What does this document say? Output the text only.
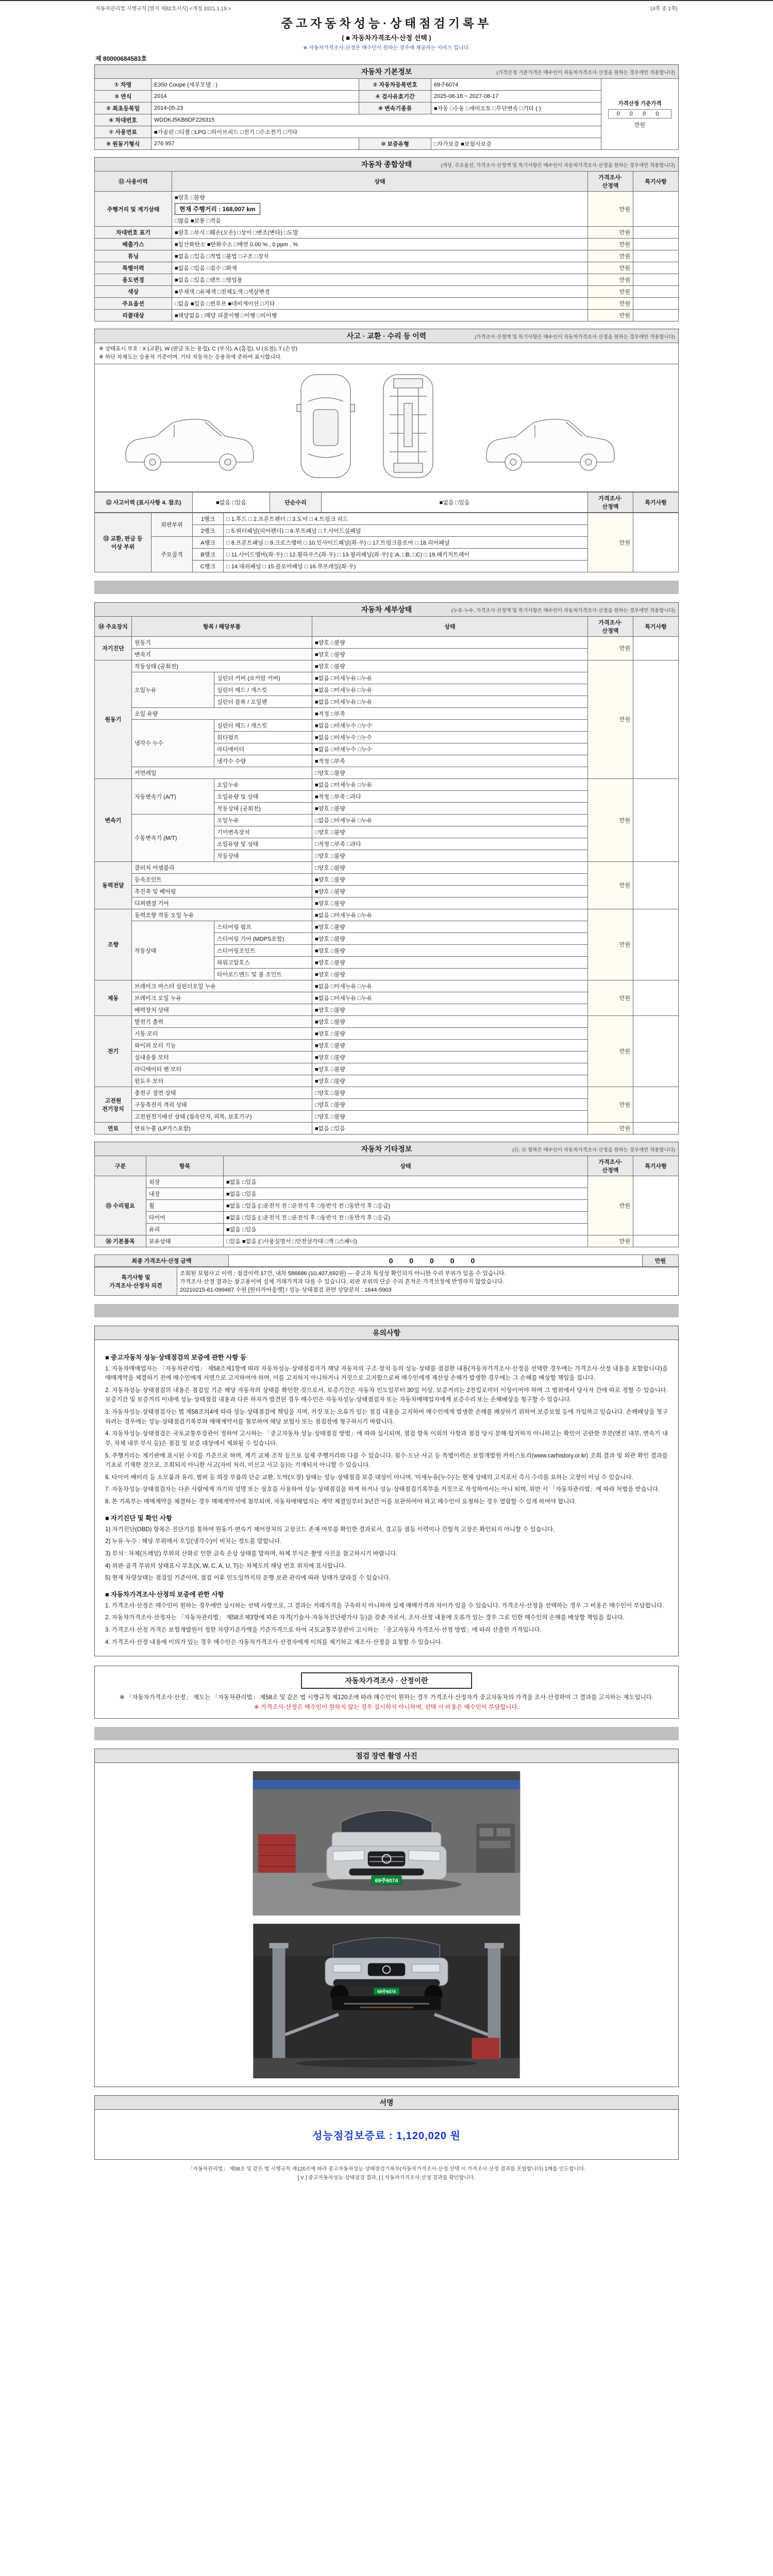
자동차관리법 시행규칙 [별지 제82호서식] <개정 2021.1.19.>	(4쪽 중 1쪽)
중고자동차성능·상태점검기록부
( ■ 자동차가격조사·산정 선택 )
※ 자동차가격조사·산정은 매수인이 원하는 경우에 제공하는 서비스 입니다.
제 80000684583호
자동차 기본정보	(가격산정 기준가격은 매수인이 자동차가격조사·산정을 원하는 경우에만 적용합니다)
① 차명	E350 Coupe (세부모델 : )	② 자동차등록번호	69주6074	가격산정 기준가격
0 0 0 0
만원

③ 연식	2014	④ 검사유효기간	2025-08-18 ~ 2027-08-17	
⑤ 최초등록일	2014-05-23	⑧ 변속기종류	■자동 □수동 □세미오토 □무단변속 □기타 ( )	
⑥ 차대번호	WDDKJ5KB6DF226315			
⑦ 사용연료	■가솔린 □디젤 □LPG □하이브리드 □전기 □수소전기 □기타			
⑨ 원동기형식	276 957	⑩ 보증유형	□자가보증 ■보험사보증	
자동차 종합상태	(색상, 주요옵션, 가격조사·산정액 및 특기사항은 매수인이 자동차가격조사·산정을 원하는 경우에만 적용합니다)
⑪ 사용이력	상태	가격조사·산정액	특기사항
주행거리 및 계기상태	■양호 □불량
현재 주행거리 : 168,007 km
□많음 ■보통 □적음	만원	
차대번호 표기	■양호 □부식 □훼손(오손) □상이 □변조(변타) □도말	만원	
배출가스	■일산화탄소 ■탄화수소 □매연 0.00 % , 0 ppm , %	만원	
튜닝	■없음 □있음 □적법 □불법 □구조 □장치	만원	
특별이력	■없음 □있음 □침수 □화재	만원	
용도변경	■없음 □있음 □렌트 □영업용	만원	
색상	■무채색 □유채색 □전체도색 □색상변경	만원	
주요옵션	□없음 ■있음 □썬루프 ■네비게이션 □기타	만원	
리콜대상	■해당없음 □해당 리콜이행 □이행 □미이행	만원	
사고 · 교환 · 수리 등 이력	(가격조사·산정액 및 특기사항은 매수인이 자동차가격조사·산정을 원하는 경우에만 적용합니다)
※ 상태표시 부호 : X (교환), W (판금 또는 용접), C (부식), A (흠집), U (요철), T (손상)
※ 하단 차체도는 승용차 기준이며, 기타 자동차는 승용차에 준하여 표시합니다.
⑫ 사고이력 (표시사항 4. 참조)	■없음 □있음	단순수리	■없음 □있음	가격조사·산정액	특기사항
⑬ 교환, 판금 등 이상 부위	외판부위	1랭크	□ 1.후드 □ 2.프론트펜더 □ 3.도어 □ 4.트렁크 리드	만원	
		2랭크	□ 5.쿼터패널(리어펜더) □ 6.루프패널 □ 7.사이드실패널		
	주요골격	A랭크	□ 8.프론트패널 □ 9.크로스멤버 □ 10.인사이드패널(좌·우) □ 17.트렁크플로어 □ 18.리어패널		
		B랭크	□ 11.사이드멤버(좌·우) □ 12.휠하우스(좌·우) □ 13.필러패널(좌·우) (□A, □B, □C) □ 19.패키지트레이		
		C랭크	□ 14.대쉬패널 □ 15.플로어패널 □ 16.루프레일(좌·우)		
자동차 세부상태	(누유·누수, 가격조사·산정액 및 특기사항은 매수인이 자동차가격조사·산정을 원하는 경우에만 적용합니다)
⑭ 주요장치	항목 / 해당부품		상태	가격조사·산정액	특기사항
자기진단	원동기		■양호 □불량	만원	
	변속기		■양호 □불량		
원동기	작동상태 (공회전)		■양호 □불량	만원	
	오일누유	실린더 커버 (로커암 커버)	■없음 □미세누유 □누유		
		실린더 헤드 / 개스킷	■없음 □미세누유 □누유		
		실린더 블록 / 오일팬	■없음 □미세누유 □누유		
	오일 유량		■적정 □부족		
	냉각수 누수	실린더 헤드 / 개스킷	■없음 □미세누수 □누수		
		워터펌프	■없음 □미세누수 □누수		
		라디에이터	■없음 □미세누수 □누수		
		냉각수 수량	■적정 □부족		
	커먼레일		□양호 □불량		
변속기	자동변속기 (A/T)	오일누유	■없음 □미세누유 □누유	만원	
		오일유량 및 상태	■적정 □부족 □과다		
		작동상태 (공회전)	■양호 □불량		
	수동변속기 (M/T)	오일누유	□없음 □미세누유 □누유		
		기어변속장치	□양호 □불량		
		오일유량 및 상태	□적정 □부족 □과다		
		작동상태	□양호 □불량		
동력전달	클러치 어셈블리		□양호 □불량	만원	
	등속조인트		■양호 □불량		
	추진축 및 베어링		■양호 □불량		
	디퍼렌셜 기어		■양호 □불량		
조향	동력조향 작동 오일 누유		■없음 □미세누유 □누유	만원	
	작동상태	스티어링 펌프	■양호 □불량		
		스티어링 기어 (MDPS포함)	■양호 □불량		
		스티어링조인트	■양호 □불량		
		파워고압호스	■양호 □불량		
		타이로드엔드 및 볼 조인트	■양호 □불량		
제동	브레이크 마스터 실린더오일 누유		■없음 □미세누유 □누유	만원	
	브레이크 오일 누유		■없음 □미세누유 □누유		
	배력장치 상태		■양호 □불량		
전기	발전기 출력		■양호 □불량	만원	
	시동 모터		■양호 □불량		
	와이퍼 모터 기능		■양호 □불량		
	실내송풍 모터		■양호 □불량		
	라디에이터 팬 모터		■양호 □불량		
	윈도우 모터		■양호 □불량		
고전원 전기장치	충전구 절연 상태		□양호 □불량	만원	
	구동축전지 격리 상태		□양호 □불량		
	고전원전기배선 상태 (접속단자, 피복, 보호기구)		□양호 □불량		
연료	연료누출 (LP가스포함)		■없음 □있음	만원	
자동차 기타정보	(⑮, ⑯ 항목은 매수인이 자동차가격조사·산정을 원하는 경우에만 적용합니다)
구분	항목	상태	가격조사·산정액	특기사항
⑮ 수리필요	외장	■없음 □있음	만원	
	내장	■없음 □있음		
	휠	■없음 □있음 (□운전석 전 □운전석 후 □동반석 전 □동반석 후 □응급)		
	타이어	■없음 □있음 (□운전석 전 □운전석 후 □동반석 전 □동반석 후 □응급)		
	유리	■없음 □있음		
⑯ 기본품목	보유상태	□있음 ■없음 (□사용설명서 □안전삼각대 □잭 □스패너)	만원	
최종 가격조사·산정 금액	0 0 0 0 0	만원
특기사항 및
가격조사·산정자 의견

조회된 보험사고 이력 : 점검이력 17건, 내차 586686 (10,407,692원) — 중고차 특성상 확인되지 아니한 수리 부위가 있을 수 있습니다.
가격조사·산정 결과는 참고용이며 실제 거래가격과 다를 수 있습니다. 외판 부위의 단순 수리 흔적은 가격산정에 반영하지 않았습니다.
20210215-61-099487 수원 [원더카아울렛] / 성능·상태점검 관련 상담문의 : 1644-5903
유의사항
■ 중고자동차 성능·상태점검의 보증에 관한 사항 등
1. 자동차매매업자는 「자동차관리법」 제58조제1항에 따라 자동차성능·상태점검자가 해당 자동차의 구조·장치 등의 성능·상태를 점검한 내용(자동차가격조사·산정을 선택한 경우에는 가격조사·산정 내용을 포함합니다)을 매매계약을 체결하기 전에 매수인에게 서면으로 고지하여야 하며, 이를 고지하지 아니하거나 거짓으로 고지함으로써 매수인에게 재산상 손해가 발생한 경우에는 그 손해를 배상할 책임을 집니다.
2. 자동차성능·상태점검의 내용은 점검일 기준 해당 자동차의 상태를 확인한 것으로서, 보증기간은 자동차 인도일부터 30일 이상, 보증거리는 2천킬로미터 이상이어야 하며 그 범위에서 당사자 간에 따로 정할 수 있습니다. 보증기간 및 보증거리 이내에 성능·상태점검 내용과 다른 하자가 발견된 경우 매수인은 자동차성능·상태점검자 또는 자동차매매업자에게 보증수리 또는 손해배상을 청구할 수 있습니다.
3. 자동차성능·상태점검자는 법 제58조의4에 따라 성능·상태점검에 책임을 지며, 거짓 또는 오류가 있는 점검 내용을 고지하여 매수인에게 발생한 손해를 배상하기 위하여 보증보험 등에 가입하고 있습니다. 손해배상을 청구하려는 경우에는 성능·상태점검기록부와 매매계약서를 첨부하여 해당 보험사 또는 점검장에 청구하시기 바랍니다.
4. 자동차성능·상태점검은 국토교통부장관이 정하여 고시하는 「중고자동차 성능·상태점검 방법」에 따라 실시되며, 점검 항목 이외의 사항과 점검 당시 분해·탈거하지 아니하고는 확인이 곤란한 부분(엔진 내부, 변속기 내부, 차체 내부 부식 등)은 점검 및 보증 대상에서 제외될 수 있습니다.
5. 주행거리는 계기판에 표시된 수치를 기준으로 하며, 계기 교체·조작 등으로 실제 주행거리와 다를 수 있습니다. 침수·도난·사고 등 특별이력은 보험개발원 카히스토리(www.carhistory.or.kr) 조회 결과 및 외관 확인 결과를 기초로 기재한 것으로, 조회되지 아니한 사고(자비 처리, 미신고 사고 등)는 기재되지 아니할 수 있습니다.
6. 타이어·배터리 등 소모품과 유리, 범퍼 등 외장 부품의 단순 교환, 도막(도장) 상태는 성능·상태점검 보증 대상이 아니며, '미세누유(누수)'는 현재 상태의 고지로서 즉시 수리를 요하는 고장이 아닐 수 있습니다.
7. 자동차성능·상태점검자는 다른 사람에게 자기의 성명 또는 상호를 사용하여 성능·상태점검을 하게 하거나 성능·상태점검기록부를 거짓으로 작성하여서는 아니 되며, 위반 시 「자동차관리법」에 따라 처벌을 받습니다.
8. 본 기록부는 매매계약을 체결하는 경우 매매계약서에 첨부되며, 자동차매매업자는 계약 체결일부터 3년간 이를 보관하여야 하고 매수인이 요청하는 경우 열람할 수 있게 하여야 합니다.
■ 자기진단 및 확인 사항
1) 자기진단(OBD) 항목은 진단기를 통하여 원동기·변속기 제어장치의 고장코드 존재 여부를 확인한 결과로서, 경고등 점등 이력이나 간헐적 고장은 확인되지 아니할 수 있습니다.
2) 누유·누수 : 해당 부위에서 오일(냉각수)이 비치는 정도를 말합니다.
3) 부식 : 차체(프레임) 부위의 산화로 인한 금속 손상 상태를 말하며, 하체 부식은 촬영 사진을 참고하시기 바랍니다.
4) 외판·골격 부위의 상태표시 부호(X, W, C, A, U, T)는 차체도의 해당 번호 위치에 표시합니다.
5) 현재 차량상태는 점검일 기준이며, 점검 이후 인도일까지의 운행·보관 관리에 따라 상태가 달라질 수 있습니다.
■ 자동차가격조사·산정의 보증에 관한 사항
1. 가격조사·산정은 매수인이 원하는 경우에만 실시하는 선택 사항으로, 그 결과는 거래가격을 구속하지 아니하며 실제 매매가격과 차이가 있을 수 있습니다. 가격조사·산정을 선택하는 경우 그 비용은 매수인이 부담합니다.
2. 자동차가격조사·산정자는 「자동차관리법」 제58조제3항에 따른 자격(기술사·자동차진단평가사 등)을 갖춘 자로서, 조사·산정 내용에 오류가 있는 경우 그로 인한 매수인의 손해를 배상할 책임을 집니다.
3. 가격조사·산정 가격은 보험개발원이 정한 차량기준가액을 기준가격으로 하여 국토교통부장관이 고시하는 「중고자동차 가격조사·산정 방법」에 따라 산출한 가격입니다.
4. 가격조사·산정 내용에 이의가 있는 경우 매수인은 자동차가격조사·산정자에게 이의를 제기하고 재조사·산정을 요청할 수 있습니다.
자동차가격조사 · 산정이란
※ 「자동차가격조사·산정」 제도는 「자동차관리법」 제58조 및 같은 법 시행규칙 제120조에 따라 매수인이 원하는 경우 가격조사·산정자가 중고자동차의 가격을 조사·산정하여 그 결과를 고지하는 제도입니다.
※ 가격조사·산정은 매수인이 원하지 않는 경우 실시하지 아니하며, 선택 시 비용은 매수인이 부담합니다.
점검 장면 촬영 사진
69주6074
69주6074
서명
성능점검보증료 : 1,120,020 원
「자동차관리법」 제58조 및 같은 법 시행규칙 제120조에 따라 중고자동차성능·상태점검기록부(자동차가격조사·산정 선택 시 가격조사·산정 결과를 포함합니다) 1매를 인도합니다.
[ V ] 중고자동차성능·상태점검 결과, [ ] 자동차가격조사·산정 결과를 확인합니다.
